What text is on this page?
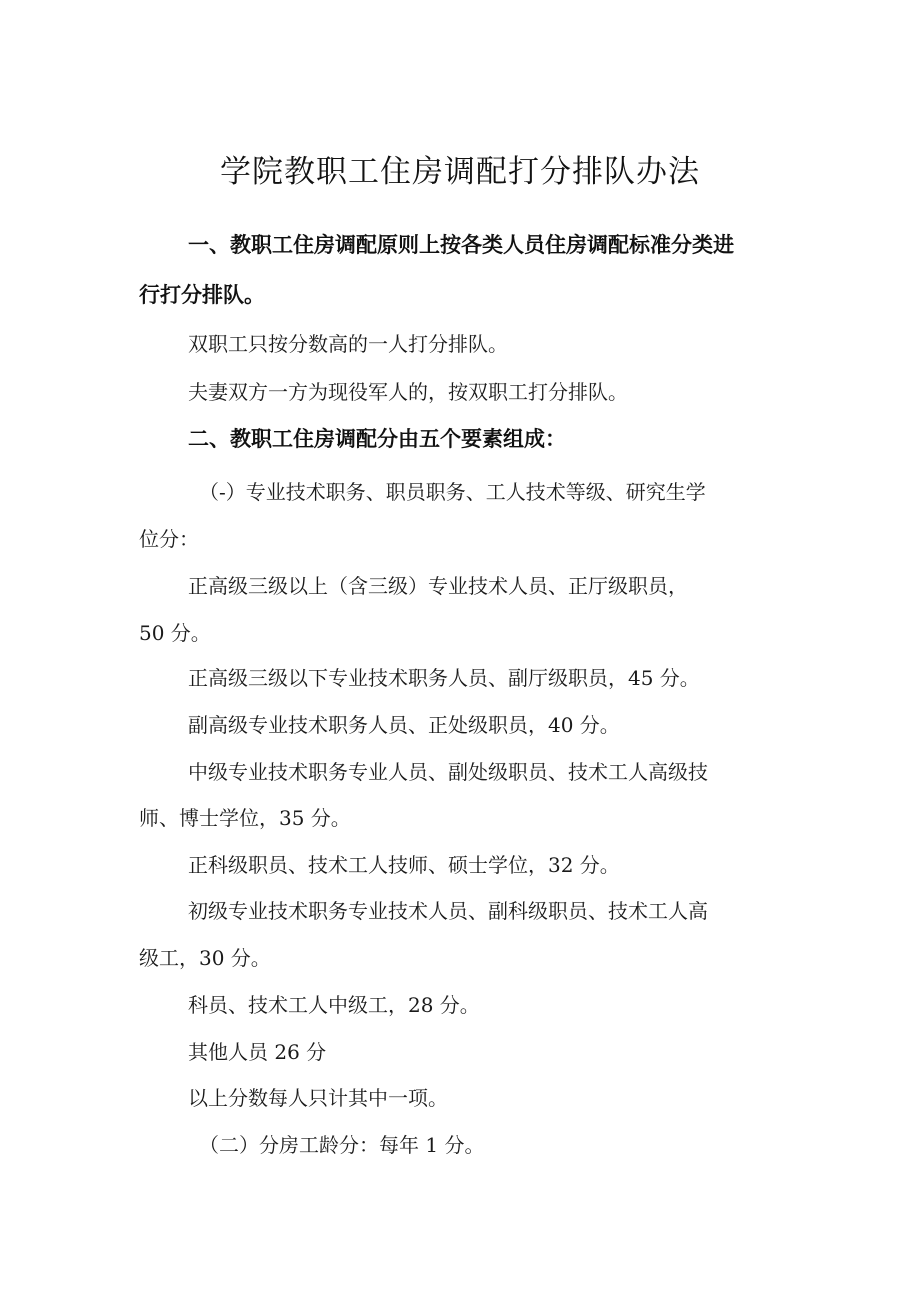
学院教职工住房调配打分排队办法
一、教职工住房调配原则上按各类人员住房调配标准分类进
行打分排队。
双职工只按分数高的一人打分排队。
夫妻双方一方为现役军人的，按双职工打分排队。
二、教职工住房调配分由五个要素组成：
（-）专业技术职务、职员职务、工人技术等级、研究生学
位分：
正高级三级以上（含三级）专业技术人员、正厅级职员，
50 分。
正高级三级以下专业技术职务人员、副厅级职员，45 分。
副高级专业技术职务人员、正处级职员，40 分。
中级专业技术职务专业人员、副处级职员、技术工人高级技
师、博士学位，35 分。
正科级职员、技术工人技师、硕士学位，32 分。
初级专业技术职务专业技术人员、副科级职员、技术工人高
级工，30 分。
科员、技术工人中级工，28 分。
其他人员 26 分
以上分数每人只计其中一项。
（二）分房工龄分：每年 1 分。
